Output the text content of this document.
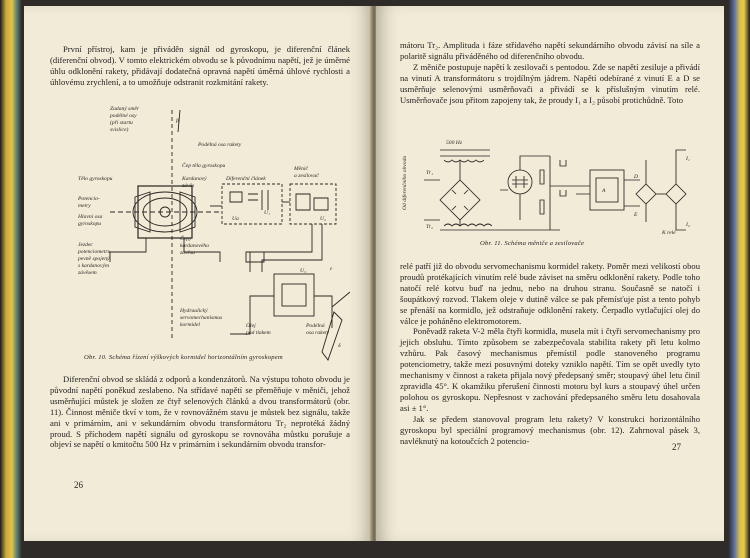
První přístroj, kam je přiváděn signál od gyroskopu, je diferenční článek (diferenční obvod). V tomto elektrickém obvodu se k původnímu napětí, jež je úměrné úhlu odklonění rakety, přidávají dodatečná opravná napětí úměrná úhlové rychlosti a úhlovému zrychlení, a to umožňuje odstranit rozkmitání rakety.

Zadaný směr
podélné osy
(při startu
svislice)
Podélná osa rakety
Čep těla gyroskopu
Tělo gyroskopu	Kardanový
závěs
Diferenční článek
Měnič
a zesilovač
Potencio-
metry
Hlavní osa
gyroskopu
Čepy
kardanového
závěsu
Jezdec
potenciometru
pevně spojený
s kardanovým
závěsem
Hydraulický
servomechanismus
kormidel	Olej
pod tlakem
Podélná
osa rakety
U₁
U₂
U₃
Ua
β
ε
δ
Obr. 10. Schéma řízení výškových kormidel horizontálním gyroskopem

Diferenční obvod se skládá z odporů a kondenzátorů. Na výstupu tohoto obvodu je původní napětí poněkud zeslabeno. Na střídavé napětí se přeměňuje v měniči, jehož usměrňující můstek je složen ze čtyř selenových článků a dvou transformátorů (obr. 11). Činnost měniče tkví v tom, že v rovnovážném stavu je můstek bez signálu, takže ani v primárním, ani v sekundárním obvodu transformátoru Tr₂ neprotéká žádný proud. S příchodem napětí signálu od gyroskopu se rovnováha můstku porušuje a objeví se napětí o kmitočtu 500 Hz v primárním i sekundárním obvodu transfor-

26

mátoru Tr₂. Amplituda i fáze střídavého napětí sekundárního obvodu závisí na síle a polaritě signálu přiváděného od diferenčního obvodu.

Z měniče postupuje napětí k zesilovači s pentodou. Zde se napětí zesiluje a přivádí na vinutí A transformátoru s trojdílným jádrem. Napětí odebírané z vinutí E a D se usměrňuje selenovými usměrňovači a přivádí se k příslušným vinutím relé. Usměrňovače jsou přitom zapojeny tak, že proudy I₁ a I₂ působí protichůdně. Toto

Od diferenčního obvodu
500 Hz
Tr₁
Tr₂
A
D
E
I₁
I₂
K relé
Obr. 11. Schéma měniče a zesilovače

relé patří již do obvodu servomechanismu kormidel rakety. Poměr mezi velikostí obou proudů protékajících vinutím relé bude záviset na směru odklonění rakety. Podle toho natočí relé kotvu buď na jednu, nebo na druhou stranu. Současně se natočí i šoupátkový rozvod. Tlakem oleje v dutině válce se pak přemísťuje píst a tento pohyb se přenáší na kormidlo, jež odstraňuje odklonění rakety. Čerpadlo vytlačující olej do válce je poháněno elektromotorem.

Poněvadž raketa V-2 měla čtyři kormidla, musela mít i čtyři servomechanismy pro jejich obsluhu. Tímto způsobem se zabezpečovala stabilita rakety při letu kolmo vzhůru. Pak časový mechanismus přemístil podle stanoveného programu potenciometry, takže mezi posuvnými doteky vzniklo napětí. Tím se opět uvedly tyto mechanismy v činnost a raketa přijala nový předepsaný směr; stoupavý úhel letu činil zpravidla 45°. K okamžiku přerušení činnosti motoru byl kurs a stoupavý úhel určen polohou os gyroskopu. Nepřesnost v zachování předepsaného směru letu dosahovala asi ± 1°.

Jak se předem stanovoval program letu rakety? V konstrukci horizontálního gyroskopu byl speciální programový mechanismus (obr. 12). Zahrnoval pásek 3, navléknutý na kotoučcích 2 potencio-

27
